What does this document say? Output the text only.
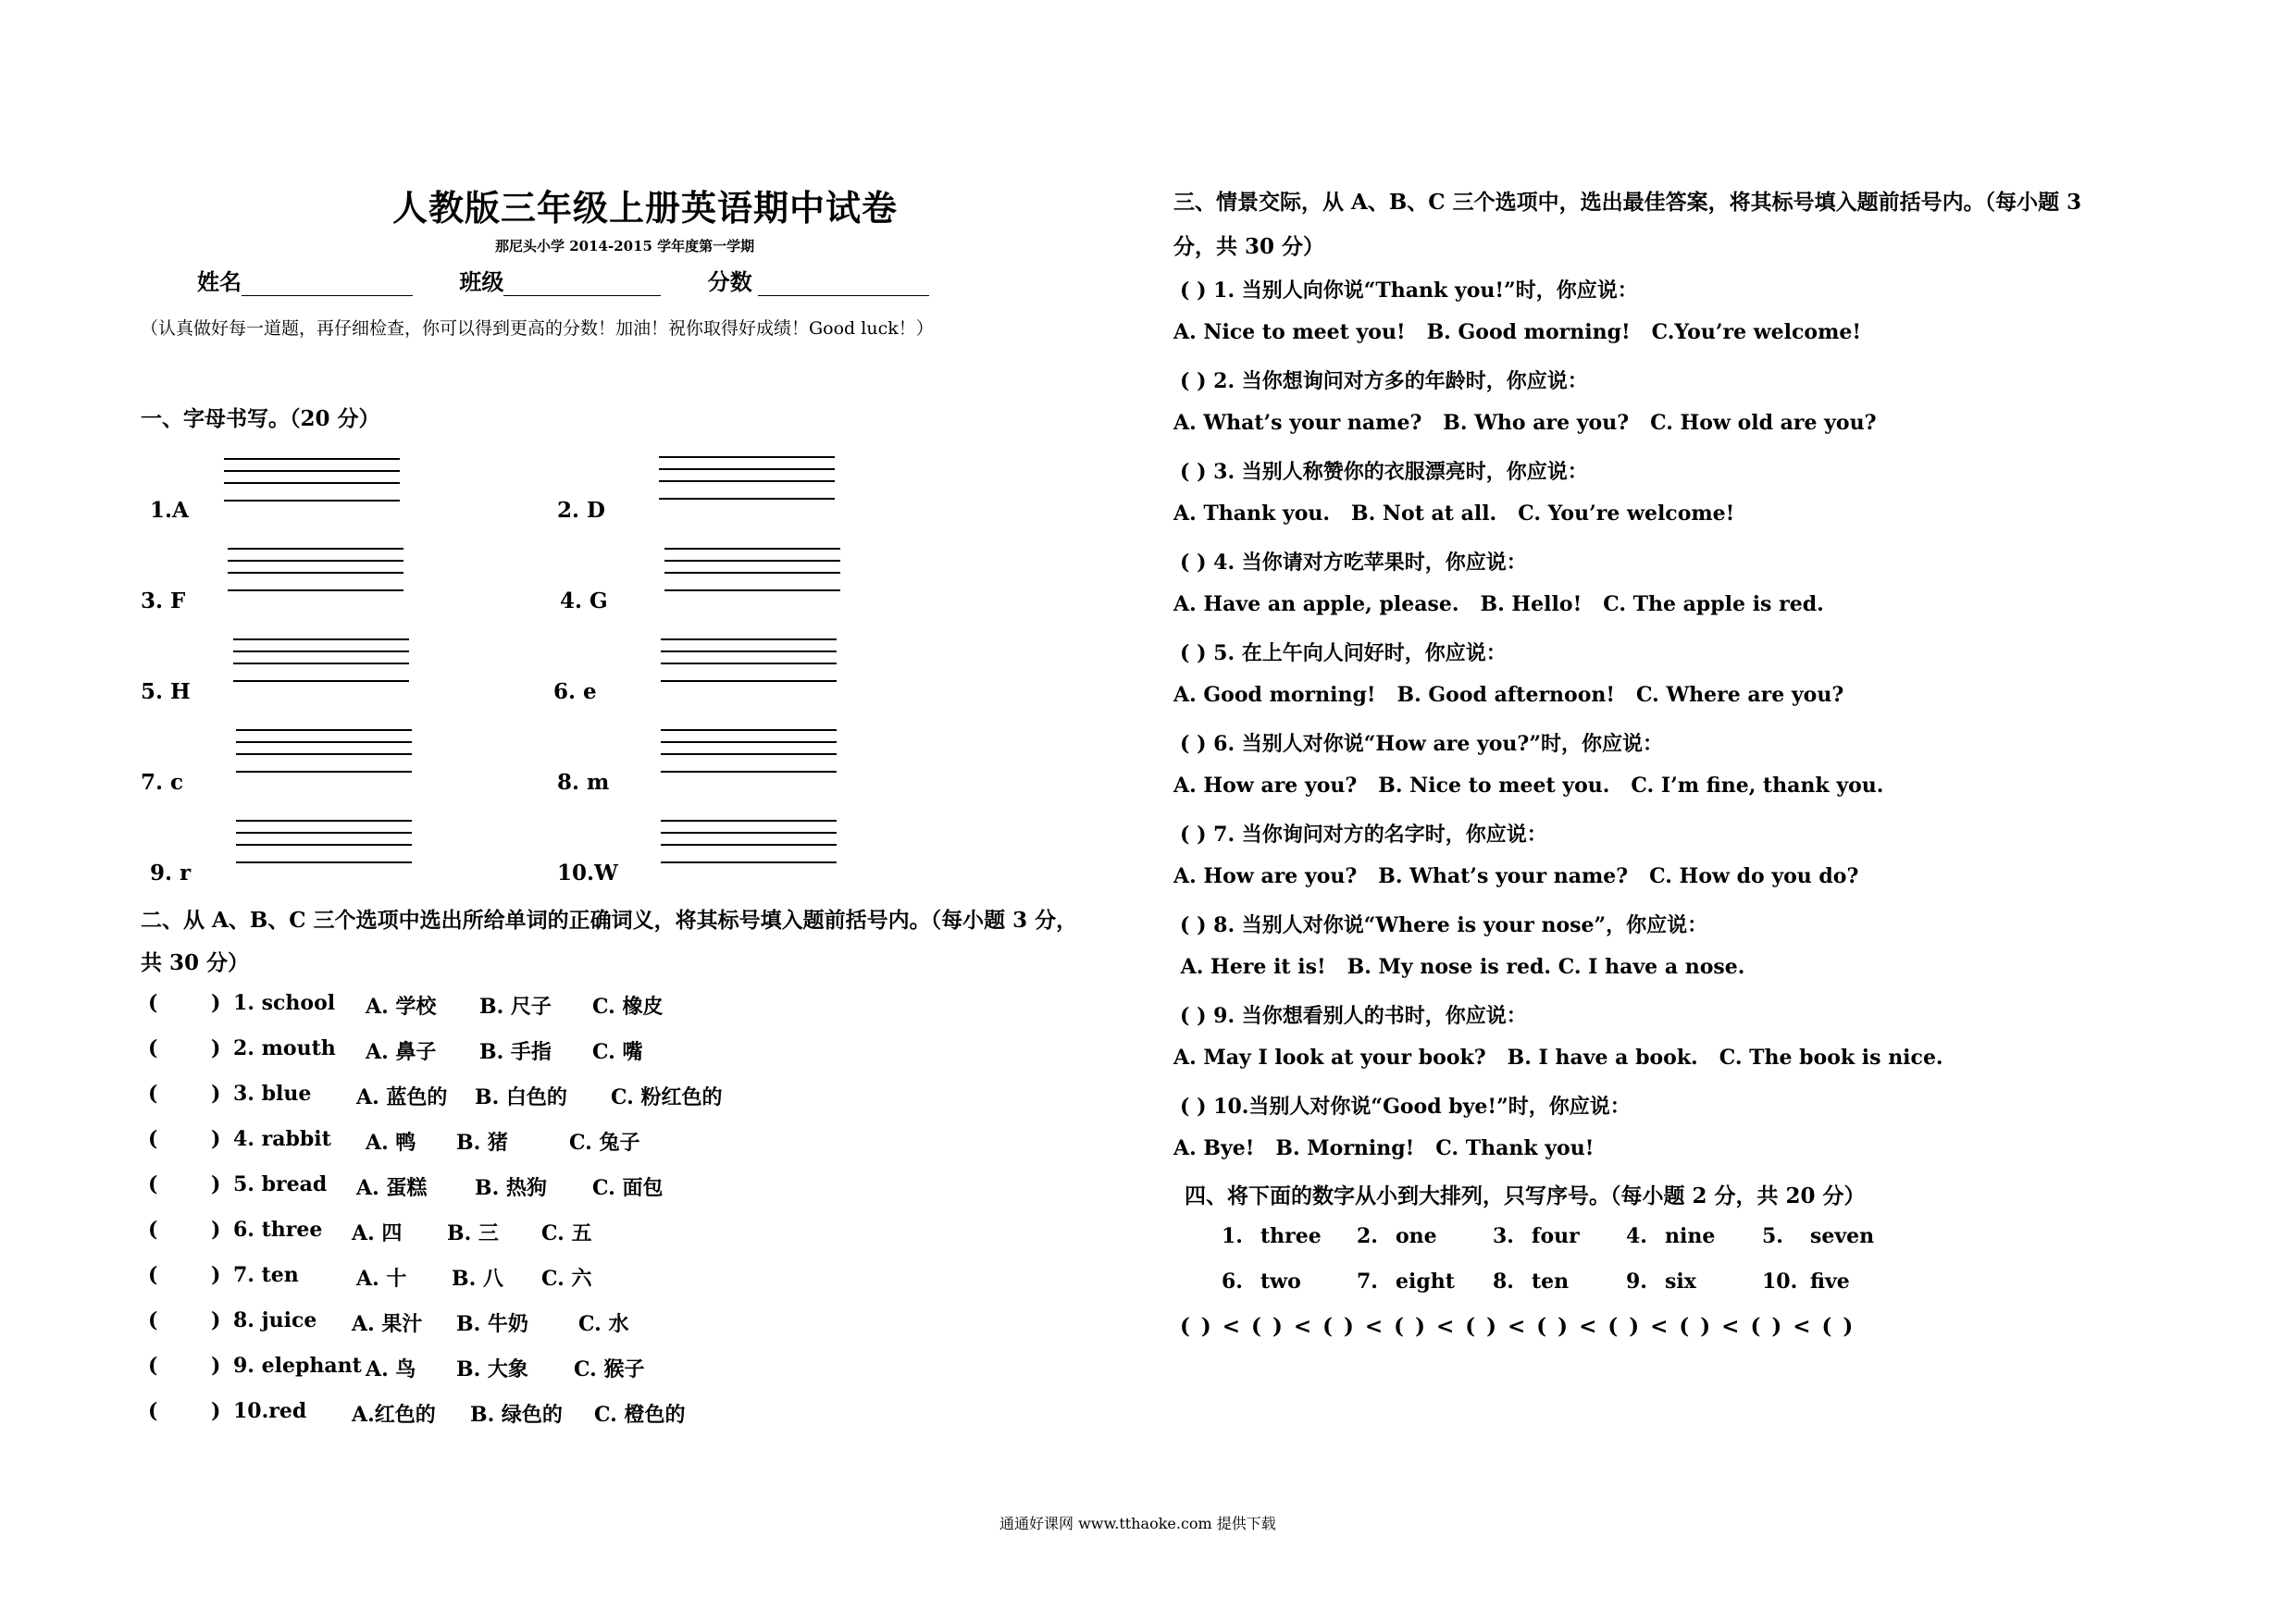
人教版三年级上册英语期中试卷
那尼头小学 2014-2015 学年度第一学期
姓名	班级	分数
（认真做好每一道题，再仔细检查，你可以得到更高的分数！加油！祝你取得好成绩！Good luck！）
一、字母书写。（20 分）
1.A	2. D
3. F	4. G
5. H	6. e
7. c	8. m
9. r	10.W
二、从 A、B、C 三个选项中选出所给单词的正确词义，将其标号填入题前括号内。（每小题 3 分，
共 30 分）
(	) 1. school A. 学校 B. 尺子 C. 橡皮
(	) 2. mouth A. 鼻子 B. 手指 C. 嘴
(	) 3. blue A. 蓝色的 B. 白色的 C. 粉红色的
(	) 4. rabbit A. 鸭 B. 猪	C. 兔子
(	) 5. bread A. 蛋糕 B. 热狗 C. 面包
(	) 6. three A. 四 B. 三 C. 五
(	) 7. ten	A. 十 B. 八 C. 六
(	) 8. juice A. 果汁 B. 牛奶 C. 水
(	) 9. elephant A. 鸟 B. 大象 C. 猴子
(	) 10.red A.红色的 B. 绿色的 C. 橙色的
三、情景交际，从 A、B、C 三个选项中，选出最佳答案，将其标号填入题前括号内。（每小题 3
分，共 30 分）
( ) 1. 当别人向你说“Thank you!”时，你应说：
A. Nice to meet you!   B. Good morning!   C.You’re welcome!
( ) 2. 当你想询问对方多的年龄时，你应说：
A. What’s your name?   B. Who are you?   C. How old are you?
( ) 3. 当别人称赞你的衣服漂亮时，你应说：
A. Thank you.   B. Not at all.   C. You’re welcome!
( ) 4. 当你请对方吃苹果时，你应说：
A. Have an apple, please.   B. Hello!   C. The apple is red.
( ) 5. 在上午向人问好时，你应说：
A. Good morning!   B. Good afternoon!   C. Where are you?
( ) 6. 当别人对你说“How are you?”时，你应说：
A. How are you?   B. Nice to meet you.   C. I’m fine, thank you.
( ) 7. 当你询问对方的名字时，你应说：
A. How are you?   B. What’s your name?   C. How do you do?
( ) 8. 当别人对你说“Where is your nose”，你应说：
A. Here it is!   B. My nose is red. C. I have a nose.
( ) 9. 当你想看别人的书时，你应说：
A. May I look at your book?   B. I have a book.   C. The book is nice.
( ) 10.当别人对你说“Good bye!”时，你应说：
A. Bye!   B. Morning!   C. Thank you!
四、将下面的数字从小到大排列，只写序号。（每小题 2 分，共 20 分）
1. three 2. one	3. four 4. nine 5. seven
6. two	7. eight 8. ten	9. six	10. five
( ) < ( ) < ( ) < ( ) < ( ) < ( ) < ( ) < ( ) < ( ) < ( )
通通好课网 www.tthaoke.com 提供下载
